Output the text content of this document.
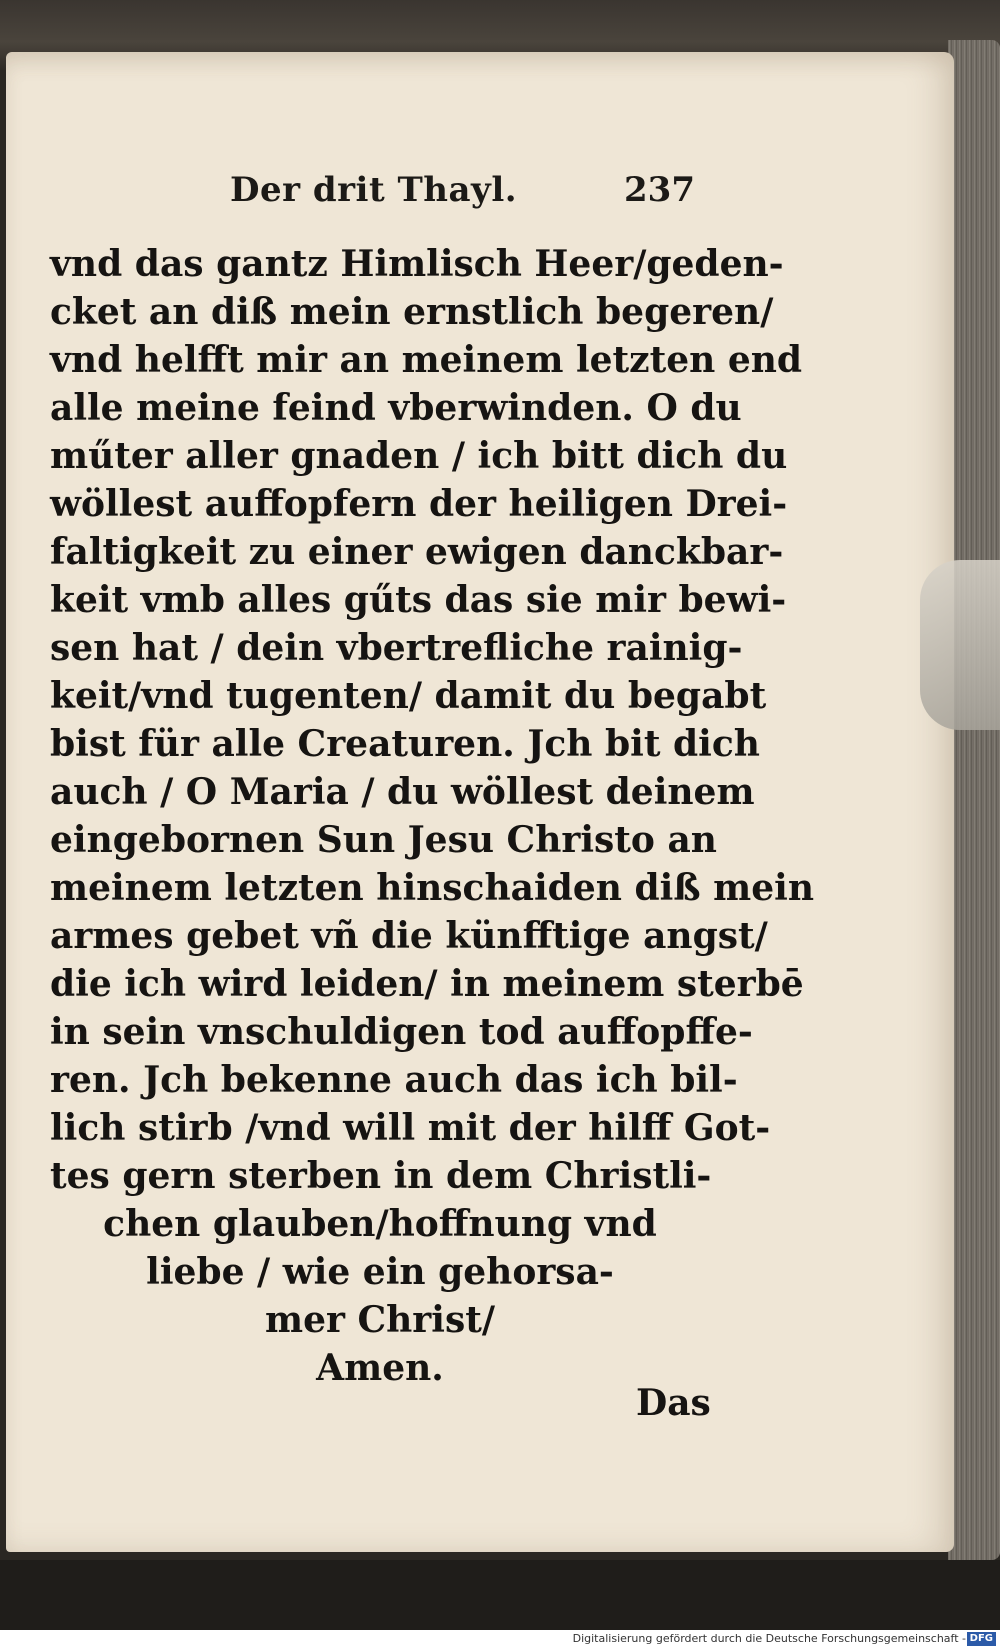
Der drit Thayl.	237
vnd das gantz Himlisch Heer/geden-
cket an diß mein ernstlich begeren/
vnd helfft mir an meinem letzten end
alle meine feind vberwinden. O du
műter aller gnaden / ich bitt dich du
wöllest auffopfern der heiligen Drei-
faltigkeit zu einer ewigen danckbar-
keit vmb alles gűts das sie mir bewi-
sen hat / dein vbertrefliche rainig-
keit/vnd tugenten/ damit du begabt
bist für alle Creaturen. Jch bit dich
auch / O Maria / du wöllest deinem
eingebornen Sun Jesu Christo an
meinem letzten hinschaiden diß mein
armes gebet vñ die künfftige angst/
die ich wird leiden/ in meinem sterbē
in sein vnschuldigen tod auffopffe-
ren. Jch bekenne auch das ich bil-
lich stirb /vnd will mit der hilff Got-
tes gern sterben in dem Christli-
chen glauben/hoffnung vnd
liebe / wie ein gehorsa-
mer Christ/
Amen.
Das
Digitalisierung gefördert durch die Deutsche Forschungsgemeinschaft - DFG
